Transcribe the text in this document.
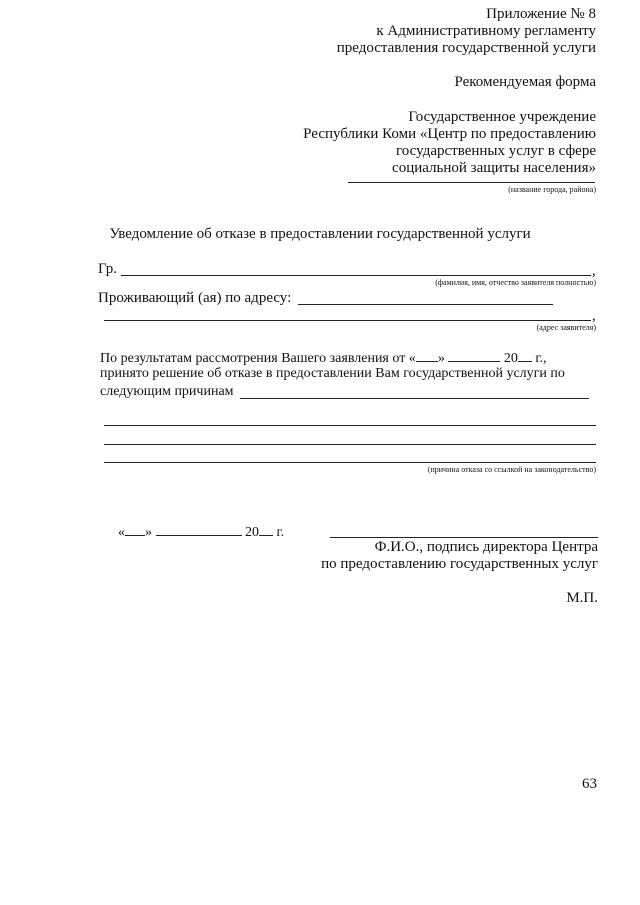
Приложение № 8
к Административному регламенту
предоставления государственной услуги
Рекомендуемая форма
Государственное учреждение
Республики Коми «Центр по предоставлению
государственных услуг в сфере
социальной защиты населения»
(название города, района)
Уведомление об отказе в предоставлении государственной услуги
Гр.	,
(фамилия, имя, отчество заявителя полностью)
Проживающий (ая) по адресу:
,
(адрес заявителя)
По результатам рассмотрения Вашего заявления от « »	20 г.,
принято решение об отказе в предоставлении Вам государственной услуги по
следующим причинам
(причина отказа со ссылкой на законодательство)
« »	20 г.
Ф.И.О., подпись директора Центра
по предоставлению государственных услуг
М.П.
63
